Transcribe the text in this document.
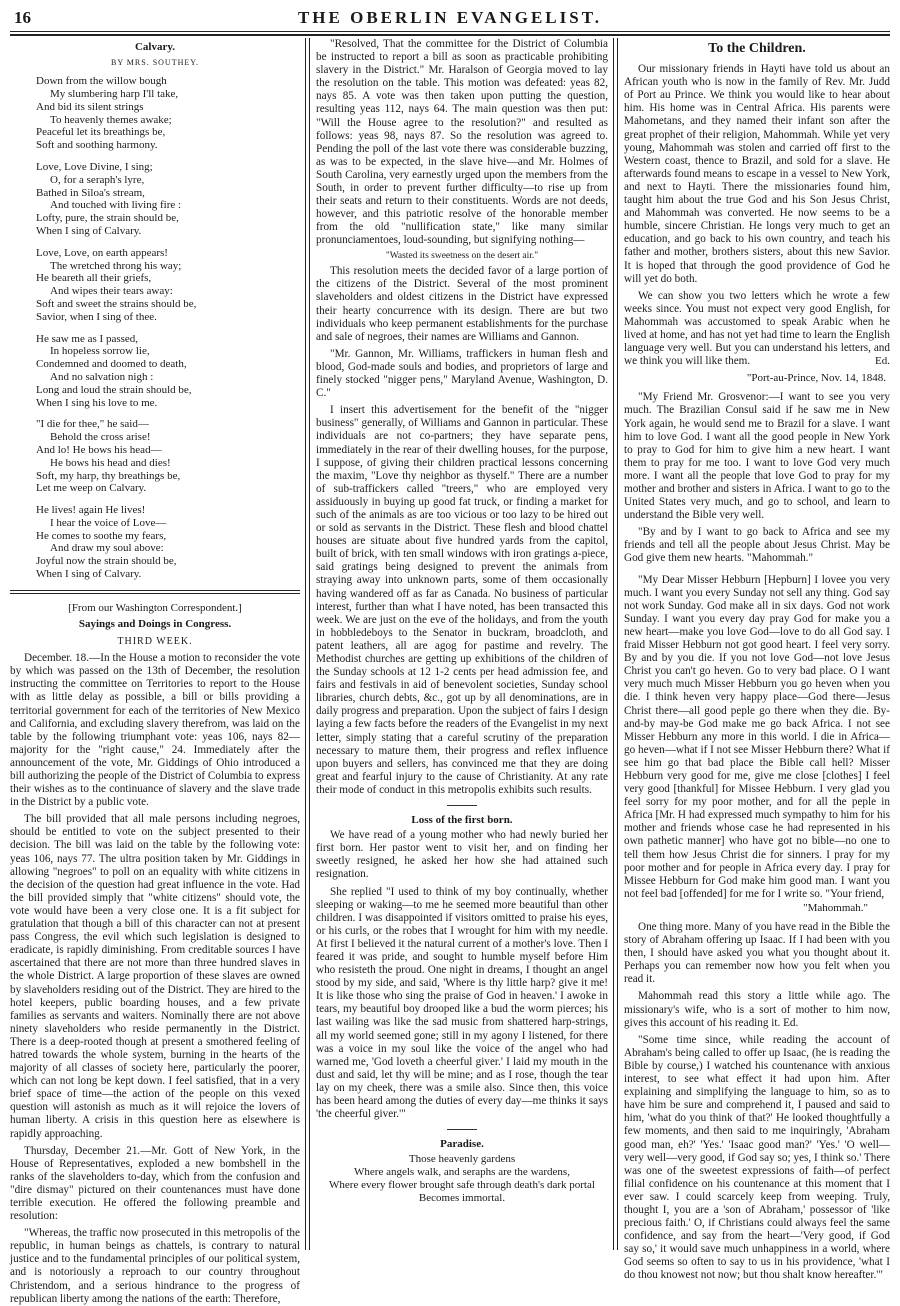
16	THE OBERLIN EVANGELIST.
Calvary.
BY MRS. SOUTHEY.
Down from the willow bough
My slumbering harp I'll take,
And bid its silent strings
To heavenly themes awake;
Peaceful let its breathings be,
Soft and soothing harmony.
Love, Love Divine, I sing;
O, for a seraph's lyre,
Bathed in Siloa's stream,
And touched with living fire :
Lofty, pure, the strain should be,
When I sing of Calvary.
Love, Love, on earth appears!
The wretched throng his way;
He beareth all their griefs,
And wipes their tears away:
Soft and sweet the strains should be,
Savior, when I sing of thee.
He saw me as I passed,
In hopeless sorrow lie,
Condemned and doomed to death,
And no salvation nigh :
Long and loud the strain should be,
When I sing his love to me.
"I die for thee," he said—
Behold the cross arise!
And lo! He bows his head—
He bows his head and dies!
Soft, my harp, thy breathings be,
Let me weep on Calvary.
He lives! again He lives!
I hear the voice of Love—
He comes to soothe my fears,
And draw my soul above:
Joyful now the strain should be,
When I sing of Calvary.
[From our Washington Correspondent.]
Sayings and Doings in Congress.
THIRD WEEK.

December. 18.—In the House a motion to reconsider the vote by which was passed on the 13th of December, the resolution instructing the committee on Territories to report to the House with as little delay as possible, a bill or bills providing a territorial government for each of the territories of New Mexico and California, and excluding slavery therefrom, was laid on the table by the following triumphant vote: yeas 106, nays 82—majority for the "right cause," 24. Immediately after the announcement of the vote, Mr. Giddings of Ohio introduced a bill authorizing the people of the District of Columbia to express their wishes as to the continuance of slavery and the slave trade in the District by a public vote.

The bill provided that all male persons including negroes, should be entitled to vote on the subject presented to their decision. The bill was laid on the table by the following vote: yeas 106, nays 77. The ultra position taken by Mr. Giddings in allowing "negroes" to poll on an equality with white citizens in the decision of the question had great influence in the vote. Had the bill provided simply that "white citizens" should vote, the vote would have been a very close one. It is a fit subject for gratulation that though a bill of this character can not at present pass Congress, the evil which such legislation is designed to eradicate, is rapidly diminishing. From creditable sources I have ascertained that there are not more than three hundred slaves in the whole District. A large proportion of these slaves are owned by slaveholders residing out of the District. They are hired to the hotel keepers, public boarding houses, and a few private families as servants and waiters. Nominally there are not above ninety slaveholders who reside permanently in the District. There is a deep-rooted though at present a smothered feeling of hatred towards the whole system, burning in the hearts of the majority of all classes of society here, particularly the poorer, which can not long be kept down. I feel satisfied, that in a very brief space of time—the action of the people on this vexed question will astonish as much as it will rejoice the lovers of human liberty. A crisis in this question here as elsewhere is rapidly approaching.

Thursday, December 21.—Mr. Gott of New York, in the House of Representatives, exploded a new bombshell in the ranks of the slaveholders to-day, which from the confusion and "dire dismay" pictured on their countenances must have done terrible execution. He offered the following preamble and resolution:

"Whereas, the traffic now prosecuted in this metropolis of the republic, in human beings as chattels, is contrary to natural justice and to the fundamental principles of our political system, and is notoriously a reproach to our country throughout Christendom, and a serious hindrance to the progress of republican liberty among the nations of the earth: Therefore,

"Resolved, That the committee for the District of Columbia be instructed to report a bill as soon as practicable prohibiting slavery in the District." Mr. Haralson of Georgia moved to lay the resolution on the table. This motion was defeated: yeas 82, nays 85. A vote was then taken upon putting the question, resulting yeas 112, nays 64. The main question was then put: "Will the House agree to the resolution?" and resulted as follows: yeas 98, nays 87. So the resolution was agreed to. Pending the poll of the last vote there was considerable buzzing, as was to be expected, in the slave hive—and Mr. Holmes of South Carolina, very earnestly urged upon the members from the South, in order to prevent further difficulty—to rise up from their seats and return to their constituents. Words are not deeds, however, and this patriotic resolve of the honorable member from the old "nullification state," like many similar pronunciamentoes, loud-sounding, but signifying nothing—

"Wasted its sweetness on the desert air."

This resolution meets the decided favor of a large portion of the citizens of the District. Several of the most prominent slaveholders and oldest citizens in the District have expressed their hearty concurrence with its design. There are but two individuals who keep permanent establishments for the purchase and sale of negroes, their names are Williams and Gannon.

"Mr. Gannon, Mr. Williams, traffickers in human flesh and blood, God-made souls and bodies, and proprietors of large and finely stocked "nigger pens," Maryland Avenue, Washington, D. C."

I insert this advertisement for the benefit of the "nigger business" generally, of Williams and Gannon in particular. These individuals are not co-partners; they have separate pens, immediately in the rear of their dwelling houses, for the purpose, I suppose, of giving their children practical lessons concerning the maxim, "Love thy neighbor as thyself." There are a number of sub-traffickers called "treers," who are employed very assiduously in buying up good fat truck, or finding a market for such of the animals as are too vicious or too lazy to be hired out or sold as servants in the District. These flesh and blood chattel houses are situate about five hundred yards from the capitol, built of brick, with ten small windows with iron gratings a-piece, said gratings being designed to prevent the animals from straying away into unknown parts, some of them occasionally having wandered off as far as Canada. No business of particular interest, further than what I have noted, has been transacted this week. We are just on the eve of the holidays, and from the youth in hobbledeboys to the Senator in buckram, broadcloth, and patent leathers, all are agog for pastime and revelry. The Methodist churches are getting up exhibitions of the children of the Sunday schools at 12 1-2 cents per head admission fee, and fairs and festivals in aid of benevolent societies, Sunday school libraries, church debts, &c., got up by all denominations, are in daily progress and preparation. Upon the subject of fairs I design laying a few facts before the readers of the Evangelist in my next letter, simply stating that a careful scrutiny of the preparation necessary to mature them, their progress and reflex influence upon buyers and sellers, has convinced me that they are doing great and fearful injury to the cause of Christianity. At any rate their mode of conduct in this metropolis exhibits such results.

Loss of the first born.

We have read of a young mother who had newly buried her first born. Her pastor went to visit her, and on finding her sweetly resigned, he asked her how she had attained such resignation.

She replied "I used to think of my boy continually, whether sleeping or waking—to me he seemed more beautiful than other children. I was disappointed if visitors omitted to praise his eyes, or his curls, or the robes that I wrought for him with my needle. At first I believed it the natural current of a mother's love. Then I feared it was pride, and sought to humble myself before Him who resisteth the proud. One night in dreams, I thought an angel stood by my side, and said, 'Where is thy little harp? give it me! It is like those who sing the praise of God in heaven.' I awoke in tears, my beautiful boy drooped like a bud the worm pierces; his last wailing was like the sad music from shattered harp-strings, all my world seemed gone; still in my agony I listened, for there was a voice in my soul like the voice of the angel who had warned me, 'God loveth a cheerful giver.' I laid my mouth in the dust and said, let thy will be mine; and as I rose, though the tear lay on my cheek, there was a smile also. Since then, this voice has been heard among the duties of every day—me thinks it says 'the cheerful giver.'"

Paradise.
Those heavenly gardens
Where angels walk, and seraphs are the wardens,
Where every flower brought safe through death's dark portal
Becomes immortal.
To the Children.

Our missionary friends in Hayti have told us about an African youth who is now in the family of Rev. Mr. Judd of Port au Prince. We think you would like to hear about him. His home was in Central Africa. His parents were Mahometans, and they named their infant son after the great prophet of their religion, Mahommah. While yet very young, Mahommah was stolen and carried off first to the Western coast, thence to Brazil, and sold for a slave. He afterwards found means to escape in a vessel to New York, and next to Hayti. There the missionaries found him, taught him about the true God and his Son Jesus Christ, and Mahommah was converted. He now seems to be a humble, sincere Christian. He longs very much to get an education, and go back to his own country, and teach his father and mother, brothers sisters, about this new Savior. It is hoped that through the good providence of God he will yet do both.

We can show you two letters which he wrote a few weeks since. You must not expect very good English, for Mahommah was accustomed to speak Arabic when he lived at home, and has not yet had time to learn the English language very well. But you can understand his letters, and we think you will like them.	Ed.

"Port-au-Prince, Nov. 14, 1848.

"My Friend Mr. Grosvenor:—I want to see you very much. The Brazilian Consul said if he saw me in New York again, he would send me to Brazil for a slave. I want him to love God. I want all the good people in New York to pray to God for him to give him a new heart. I want them to pray for me too. I want to love God very much more. I want all the people that love God to pray for my mother and brother and sisters in Africa. I want to go to the United States very much, and go to school, and learn to understand the Bible very well.

"By and by I want to go back to Africa and see my friends and tell all the people about Jesus Christ. May be God give them new hearts. "Mahommah."

"My Dear Misser Hebburn [Hepburn] I lovee you very much. I want you every Sunday not sell any thing. God say not work Sunday. God make all in six days. God not work Sunday. I want you every day pray God for make you a new heart—make you love God—love to do all God say. I fraid Misser Hebburn not got good heart. I feel very sorry. By and by you die. If you not love God—not love Jesus Christ you can't go heven. Go to very bad place. O I want very much much Misser Hebburn you go heven when you die. I think heven very happy place—God there—Jesus Christ there—all good peple go there when they die. By-and-by may-be God make me go back Africa. I not see Misser Hebburn any more in this world. I die in Africa—go heven—what if I not see Misser Hebburn there? What if see him go that bad place the Bible call hell? Misser Hebburn very good for me, give me close [clothes] I feel very good [thankful] for Missee Hebburn. I very glad you feel sorry for my poor mother, and for all the peple in Africa [Mr. H had expressed much sympathy to him for his mother and friends whose case he had represented in his own pathetic manner] who have got no bible—no one to tell them how Jesus Christ die for sinners. I pray for my poor mother and for people in Africa every day. I pray for Missee Hebburn for God make him good man. I want you not feel bad [offended] for me for I write so. "Your friend,

"Mahommah."

One thing more. Many of you have read in the Bible the story of Abraham offering up Isaac. If I had been with you then, I should have asked you what you thought about it. Perhaps you can remember now how you felt when you read it.

Mahommah read this story a little while ago. The missionary's wife, who is a sort of mother to him now, gives this account of his reading it. Ed.

"Some time since, while reading the account of Abraham's being called to offer up Isaac, (he is reading the Bible by course,) I watched his countenance with anxious interest, to see what effect it had upon him. After explaining and simplifying the language to him, so as to have him be sure and comprehend it, I paused and said to him, 'what do you think of that?' He looked thoughtfully a few moments, and then said to me inquiringly, 'Abraham good man, eh?' 'Yes.' 'Isaac good man?' 'Yes.' 'O well—very well—very good, if God say so; yes, I think so.' There was one of the sweetest expressions of faith—of perfect filial confidence on his countenance at this moment that I ever saw. I could scarcely keep from weeping. Truly, thought I, you are a 'son of Abraham,' possessor of 'like precious faith.' O, if Christians could always feel the same confidence, and say from the heart—'Very good, if God say so,' it would save much unhappiness in a world, where God seems so often to say to us in his providence, 'what I do thou knowest not now; but thou shalt know hereafter.'"
